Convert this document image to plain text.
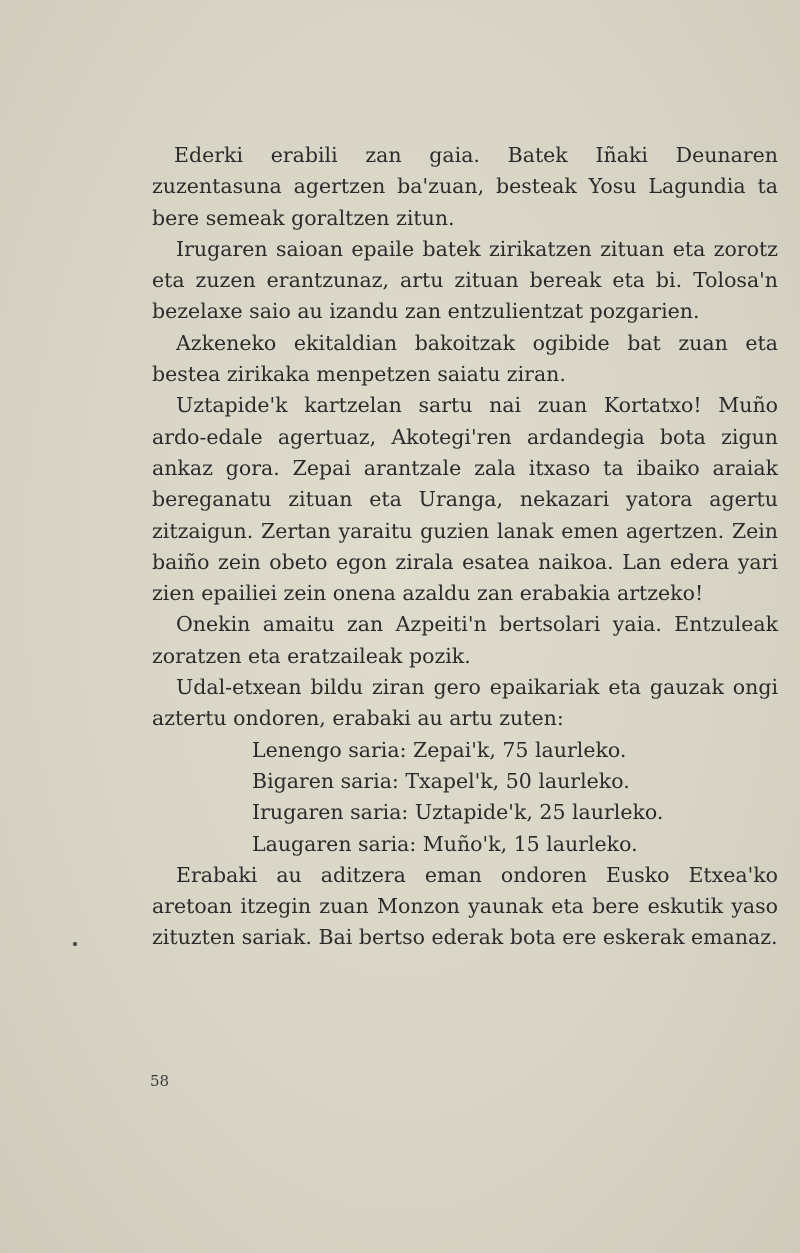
Ederki erabili zan gaia. Batek Iñaki Deunaren zuzentasuna agertzen ba'zuan, besteak Yosu Lagundia ta bere semeak goraltzen zitun.

Irugaren saioan epaile batek zirikatzen zituan eta zorotz eta zuzen erantzunaz, artu zituan bereak eta bi. Tolosa'n bezelaxe saio au izandu zan entzulientzat pozgarien.

Azkeneko ekitaldian bakoitzak ogibide bat zuan eta bestea zirikaka menpetzen saiatu ziran.

Uztapide'k kartzelan sartu nai zuan Kortatxo! Muño ardo-edale agertuaz, Akotegi'ren ardandegia bota zigun ankaz gora. Zepai arantzale zala itxaso ta ibaiko araiak bereganatu zituan eta Uranga, nekazari yatora agertu zitzaigun. Zertan yaraitu guzien lanak emen agertzen. Zein baiño zein obeto egon zirala esatea naikoa. Lan edera yari zien epailiei zein onena azaldu zan erabakia artzeko!

Onekin amaitu zan Azpeiti'n bertsolari yaia. Entzuleak zoratzen eta eratzaileak pozik.

Udal-etxean bildu ziran gero epaikariak eta gauzak ongi aztertu ondoren, erabaki au artu zuten:

Lenengo saria: Zepai'k, 75 laurleko.
Bigaren saria: Txapel'k, 50 laurleko.
Irugaren saria: Uztapide'k, 25 laurleko.
Laugaren saria: Muño'k, 15 laurleko.

Erabaki au aditzera eman ondoren Eusko Etxea'ko aretoan itzegin zuan Monzon yaunak eta bere eskutik yaso zituzten sariak. Bai bertso ederak bota ere eskerak emanaz.

58
